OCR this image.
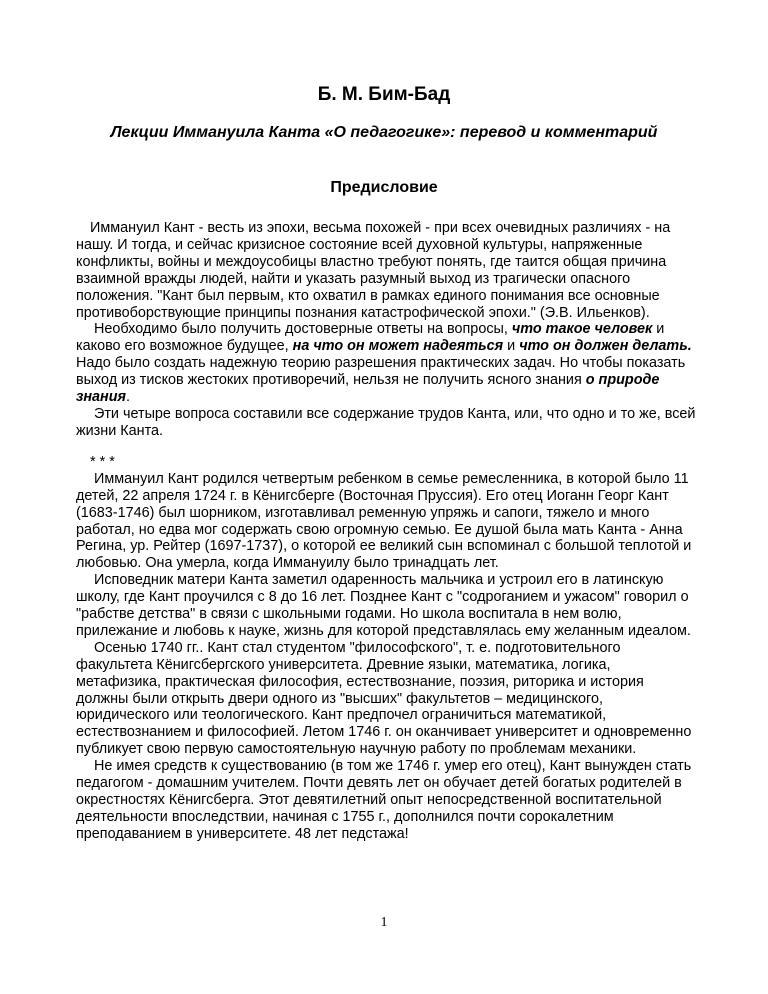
Б. М. Бим-Бад
Лекции Иммануила Канта «О педагогике»: перевод и комментарий
Предисловие

Иммануил Кант - весть из эпохи, весьма похожей - при всех очевидных различиях - на нашу. И тогда, и сейчас кризисное состояние всей духовной культуры, напряженные конфликты, войны и междоусобицы властно требуют понять, где таится общая причина взаимной вражды людей, найти и указать разумный выход из трагически опасного положения. "Кант был первым, кто охватил в рамках единого понимания все основные противоборствующие принципы познания катастрофической эпохи." (Э.В. Ильенков).

Необходимо было получить достоверные ответы на вопросы, что такое человек и каково его возможное будущее, на что он может надеяться и что он должен делать. Надо было создать надежную теорию разрешения практических задач. Но чтобы показать выход из тисков жестоких противоречий, нельзя не получить ясного знания о природе знания.

Эти четыре вопроса составили все содержание трудов Канта, или, что одно и то же, всей жизни Канта.

* * *

Иммануил Кант родился четвертым ребенком в семье ремесленника, в которой было 11 детей, 22 апреля 1724 г. в Кёнигсберге (Восточная Пруссия). Его отец Иоганн Георг Кант (1683-1746) был шорником, изготавливал ременную упряжь и сапоги, тяжело и много работал, но едва мог содержать свою огромную семью. Ее душой была мать Канта - Анна Регина, ур. Рейтер (1697-1737), о которой ее великий сын вспоминал с большой теплотой и любовью. Она умерла, когда Иммануилу было тринадцать лет.

Исповедник матери Канта заметил одаренность мальчика и устроил его в латинскую школу, где Кант проучился с 8 до 16 лет. Позднее Кант с "содроганием и ужасом" говорил о "рабстве детства" в связи с школьными годами. Но школа воспитала в нем волю, прилежание и любовь к науке, жизнь для которой представлялась ему желанным идеалом.

Осенью 1740 гг.. Кант стал студентом "философского", т. е. подготовительного факультета Кёнигсбергского университета. Древние языки, математика, логика, метафизика, практическая философия, естествознание, поэзия, риторика и история должны были открыть двери одного из "высших" факультетов – медицинского, юридического или теологического. Кант предпочел ограничиться математикой, естествознанием и философией. Летом 1746 г. он оканчивает университет и одновременно публикует свою первую самостоятельную научную работу по проблемам механики.

Не имея средств к существованию (в том же 1746 г. умер его отец), Кант вынужден стать педагогом - домашним учителем. Почти девять лет он обучает детей богатых родителей в окрестностях Кёнигсберга. Этот девятилетний опыт непосредственной воспитательной деятельности впоследствии, начиная с 1755 г., дополнился почти сорокалетним преподаванием в университете. 48 лет педстажа!

1
